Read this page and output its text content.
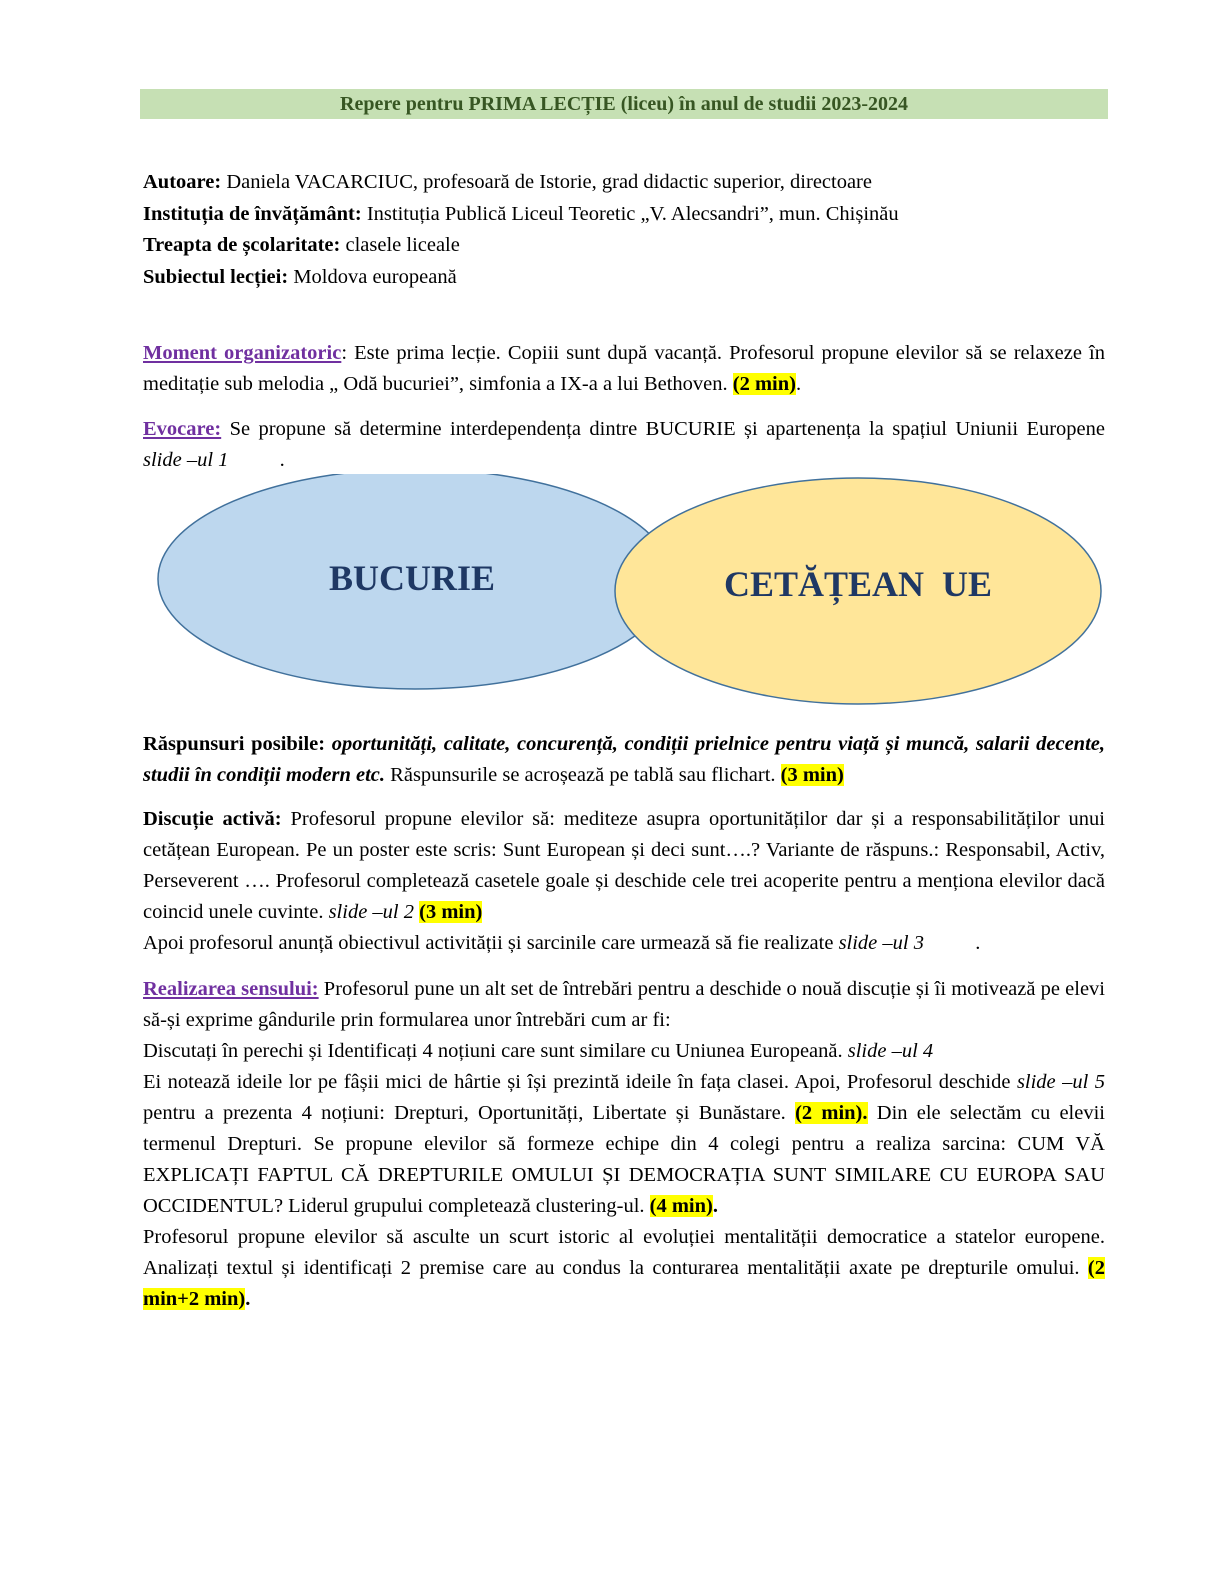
Repere pentru PRIMA LECȚIE (liceu) în anul de studii 2023-2024

Autoare: Daniela VACARCIUC, profesoară de Istorie, grad didactic superior, directoare

Instituția de învățământ: Instituția Publică Liceul Teoretic „V. Alecsandri”, mun. Chișinău

Treapta de școlaritate: clasele liceale

Subiectul lecției: Moldova europeană

Moment organizatoric: Este prima lecție. Copiii sunt după vacanță. Profesorul propune elevilor să se relaxeze în meditație sub melodia „ Odă bucuriei”, simfonia a IX-a a lui Bethoven. (2 min).

Evocare: Se propune să determine interdependența dintre BUCURIE și apartenența la spațiul Uniunii Europene slide –ul 1          .

BUCURIE	CETĂȚEAN  UE

Răspunsuri posibile: oportunități, calitate, concurență, condiții prielnice pentru viață și muncă, salarii decente, studii în condiții modern etc. Răspunsurile se acroșează pe tablă sau flichart. (3 min)

Discuție activă: Profesorul propune elevilor să: mediteze asupra oportunităților dar și a responsabilităților unui cetățean European. Pe un poster este scris: Sunt European și deci sunt….? Variante de răspuns.: Responsabil, Activ, Perseverent …. Profesorul completează casetele goale și deschide cele trei acoperite pentru a menționa elevilor dacă coincid unele cuvinte. slide –ul 2 (3 min)

Apoi profesorul anunță obiectivul activității și sarcinile care urmează să fie realizate slide –ul 3          .

Realizarea sensului: Profesorul pune un alt set de întrebări pentru a deschide o nouă discuție și îi motivează pe elevi să-și exprime gândurile prin formularea unor întrebări cum ar fi:

Discutați în perechi și Identificați 4 noțiuni care sunt similare cu Uniunea Europeană. slide –ul 4

Ei notează ideile lor pe fâșii mici de hârtie și își prezintă ideile în fața clasei. Apoi, Profesorul deschide slide –ul 5 pentru a prezenta 4 noțiuni: Drepturi, Oportunități, Libertate și Bunăstare. (2 min). Din ele selectăm cu elevii termenul Drepturi. Se propune elevilor să formeze echipe din 4 colegi pentru a realiza sarcina: CUM VĂ EXPLICAȚI FAPTUL CĂ DREPTURILE OMULUI ȘI DEMOCRAȚIA SUNT SIMILARE CU EUROPA SAU OCCIDENTUL? Liderul grupului completează clustering-ul. (4 min).

Profesorul propune elevilor să asculte un scurt istoric al evoluției mentalității democratice a statelor europene. Analizați textul și identificați 2 premise care au condus la conturarea mentalității axate pe drepturile omului. (2 min+2 min).
